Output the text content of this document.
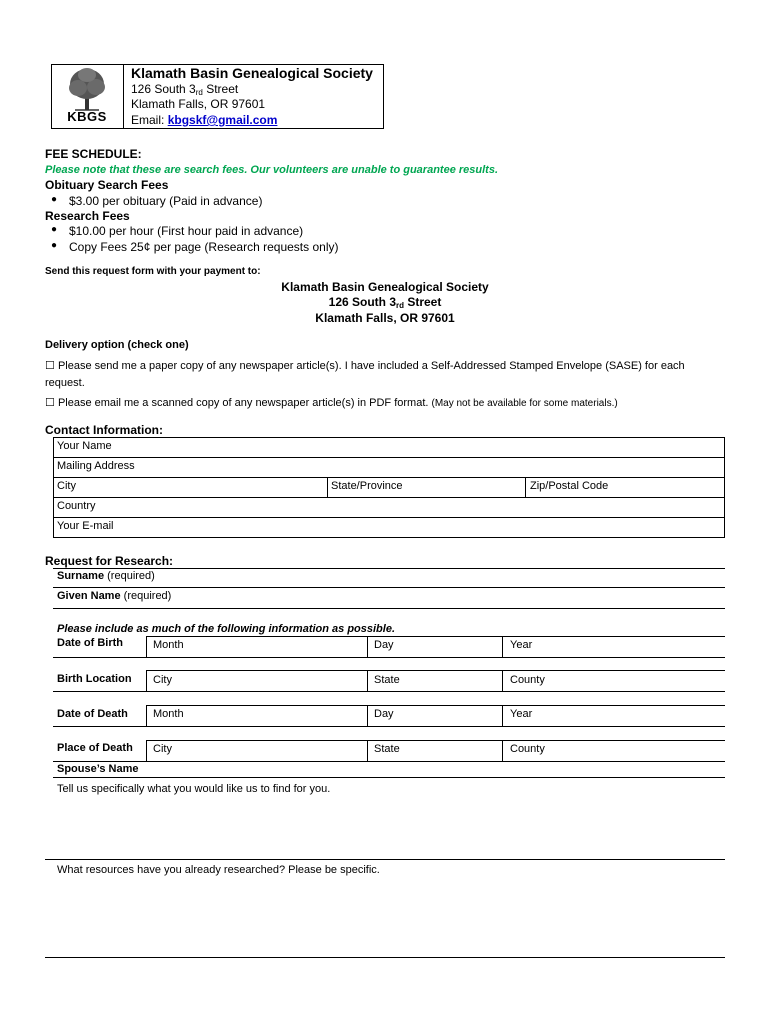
KBGS
Klamath Basin Genealogical Society
126 South 3rd Street
Klamath Falls, OR 97601
Email: kbgskf@gmail.com
FEE SCHEDULE:
Please note that these are search fees. Our volunteers are unable to guarantee results.
Obituary Search Fees
● $3.00 per obituary (Paid in advance)
Research Fees
● $10.00 per hour (First hour paid in advance)
● Copy Fees 25¢ per page (Research requests only)
Send this request form with your payment to:
Klamath Basin Genealogical Society
126 South 3rd Street
Klamath Falls, OR 97601
Delivery option (check one)
☐ Please send me a paper copy of any newspaper article(s). I have included a Self-Addressed Stamped Envelope (SASE) for each
request.
☐ Please email me a scanned copy of any newspaper article(s) in PDF format. (May not be available for some materials.)
Contact Information:
Your Name
Mailing Address
City	State/Province	Zip/Postal Code
Country
Your E-mail
Request for Research:
Surname (required)
Given Name (required)
Please include as much of the following information as possible.
Date of Birth	Month	Day	Year
Birth Location City	State	County
Date of Death Month	Day	Year
Place of Death City	State	County
Spouse’s Name
Tell us specifically what you would like us to find for you.
What resources have you already researched? Please be specific.
